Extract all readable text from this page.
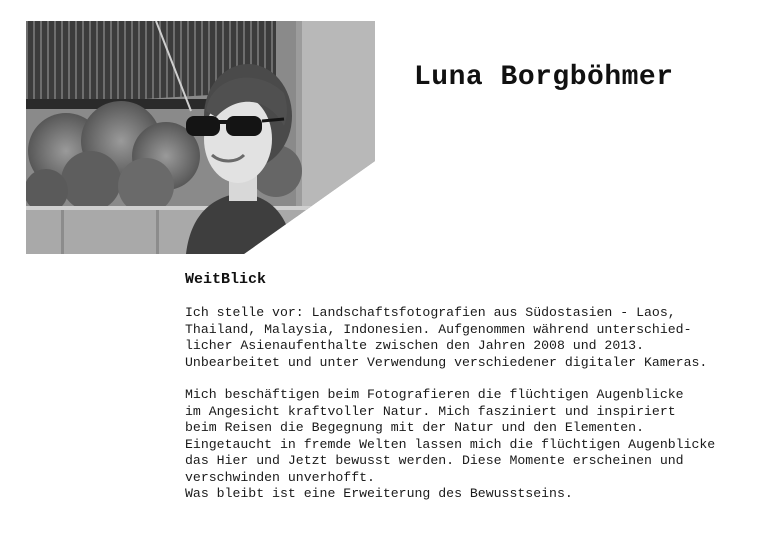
Luna Borgböhmer
WeitBlick

Ich stelle vor: Landschaftsfotografien aus Südostasien - Laos,
Thailand, Malaysia, Indonesien. Aufgenommen während unterschied-
licher Asienaufenthalte zwischen den Jahren 2008 und 2013.
Unbearbeitet und unter Verwendung verschiedener digitaler Kameras.

Mich beschäftigen beim Fotografieren die flüchtigen Augenblicke
im Angesicht kraftvoller Natur. Mich fasziniert und inspiriert
beim Reisen die Begegnung mit der Natur und den Elementen.
Eingetaucht in fremde Welten lassen mich die flüchtigen Augenblicke
das Hier und Jetzt bewusst werden. Diese Momente erscheinen und
verschwinden unverhofft.
Was bleibt ist eine Erweiterung des Bewusstseins.
